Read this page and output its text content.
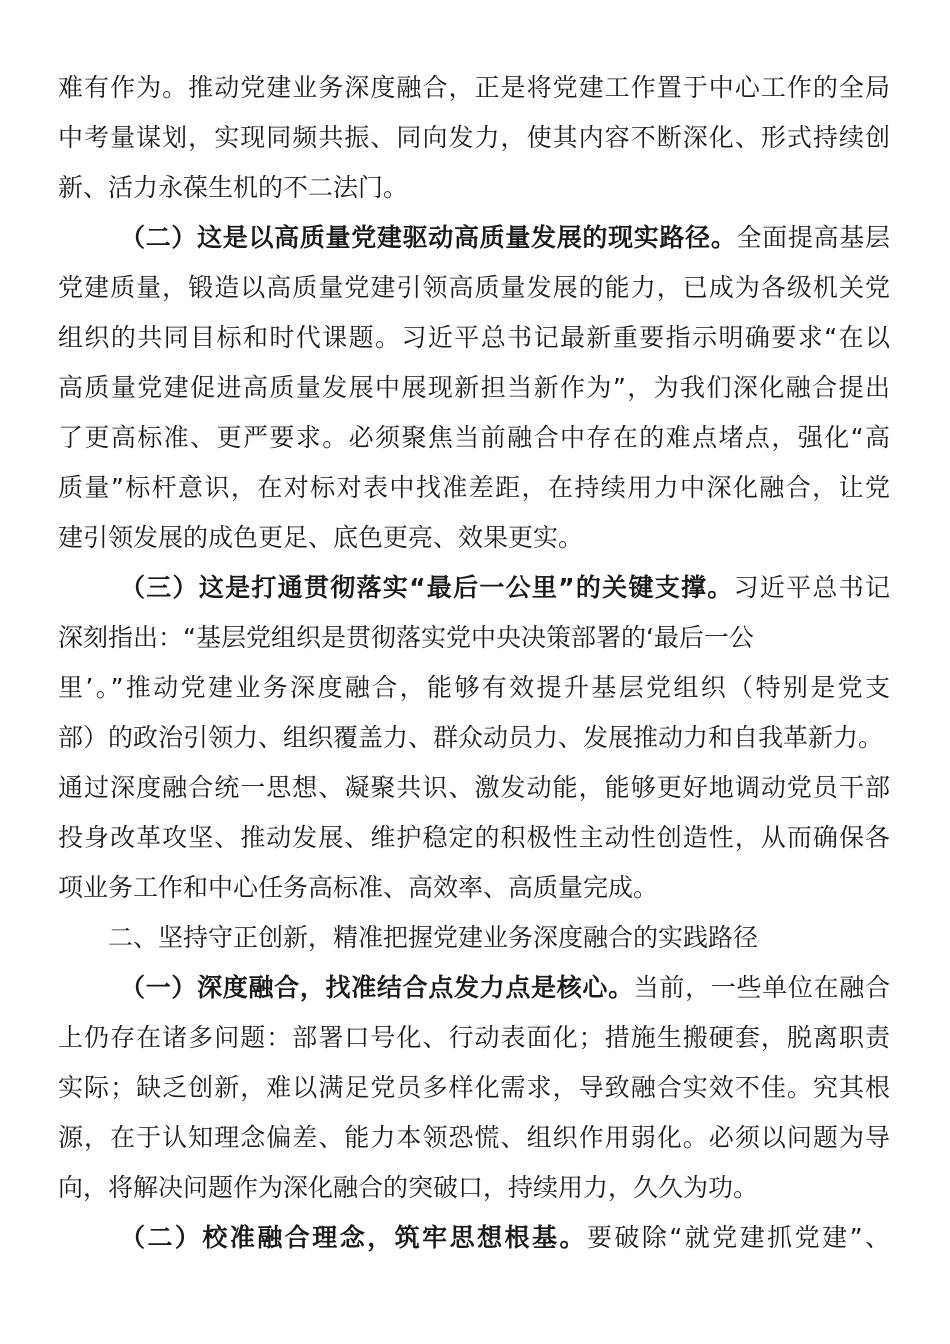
难有作为。推动党建业务深度融合，正是将党建工作置于中心工作的全局
中考量谋划，实现同频共振、同向发力，使其内容不断深化、形式持续创
新、活力永葆生机的不二法门。
（二）这是以高质量党建驱动高质量发展的现实路径。全面提高基层
党建质量，锻造以高质量党建引领高质量发展的能力，已成为各级机关党
组织的共同目标和时代课题。习近平总书记最新重要指示明确要求“在以
高质量党建促进高质量发展中展现新担当新作为”，为我们深化融合提出
了更高标准、更严要求。必须聚焦当前融合中存在的难点堵点，强化“高
质量”标杆意识，在对标对表中找准差距，在持续用力中深化融合，让党
建引领发展的成色更足、底色更亮、效果更实。
（三）这是打通贯彻落实“最后一公里”的关键支撑。习近平总书记
深刻指出：“基层党组织是贯彻落实党中央决策部署的‘最后一公
里’。”推动党建业务深度融合，能够有效提升基层党组织（特别是党支
部）的政治引领力、组织覆盖力、群众动员力、发展推动力和自我革新力。
通过深度融合统一思想、凝聚共识、激发动能，能够更好地调动党员干部
投身改革攻坚、推动发展、维护稳定的积极性主动性创造性，从而确保各
项业务工作和中心任务高标准、高效率、高质量完成。
二、坚持守正创新，精准把握党建业务深度融合的实践路径
（一）深度融合，找准结合点发力点是核心。当前，一些单位在融合
上仍存在诸多问题：部署口号化、行动表面化；措施生搬硬套，脱离职责
实际；缺乏创新，难以满足党员多样化需求，导致融合实效不佳。究其根
源，在于认知理念偏差、能力本领恐慌、组织作用弱化。必须以问题为导
向，将解决问题作为深化融合的突破口，持续用力，久久为功。
（二）校准融合理念，筑牢思想根基。要破除“就党建抓党建”、
